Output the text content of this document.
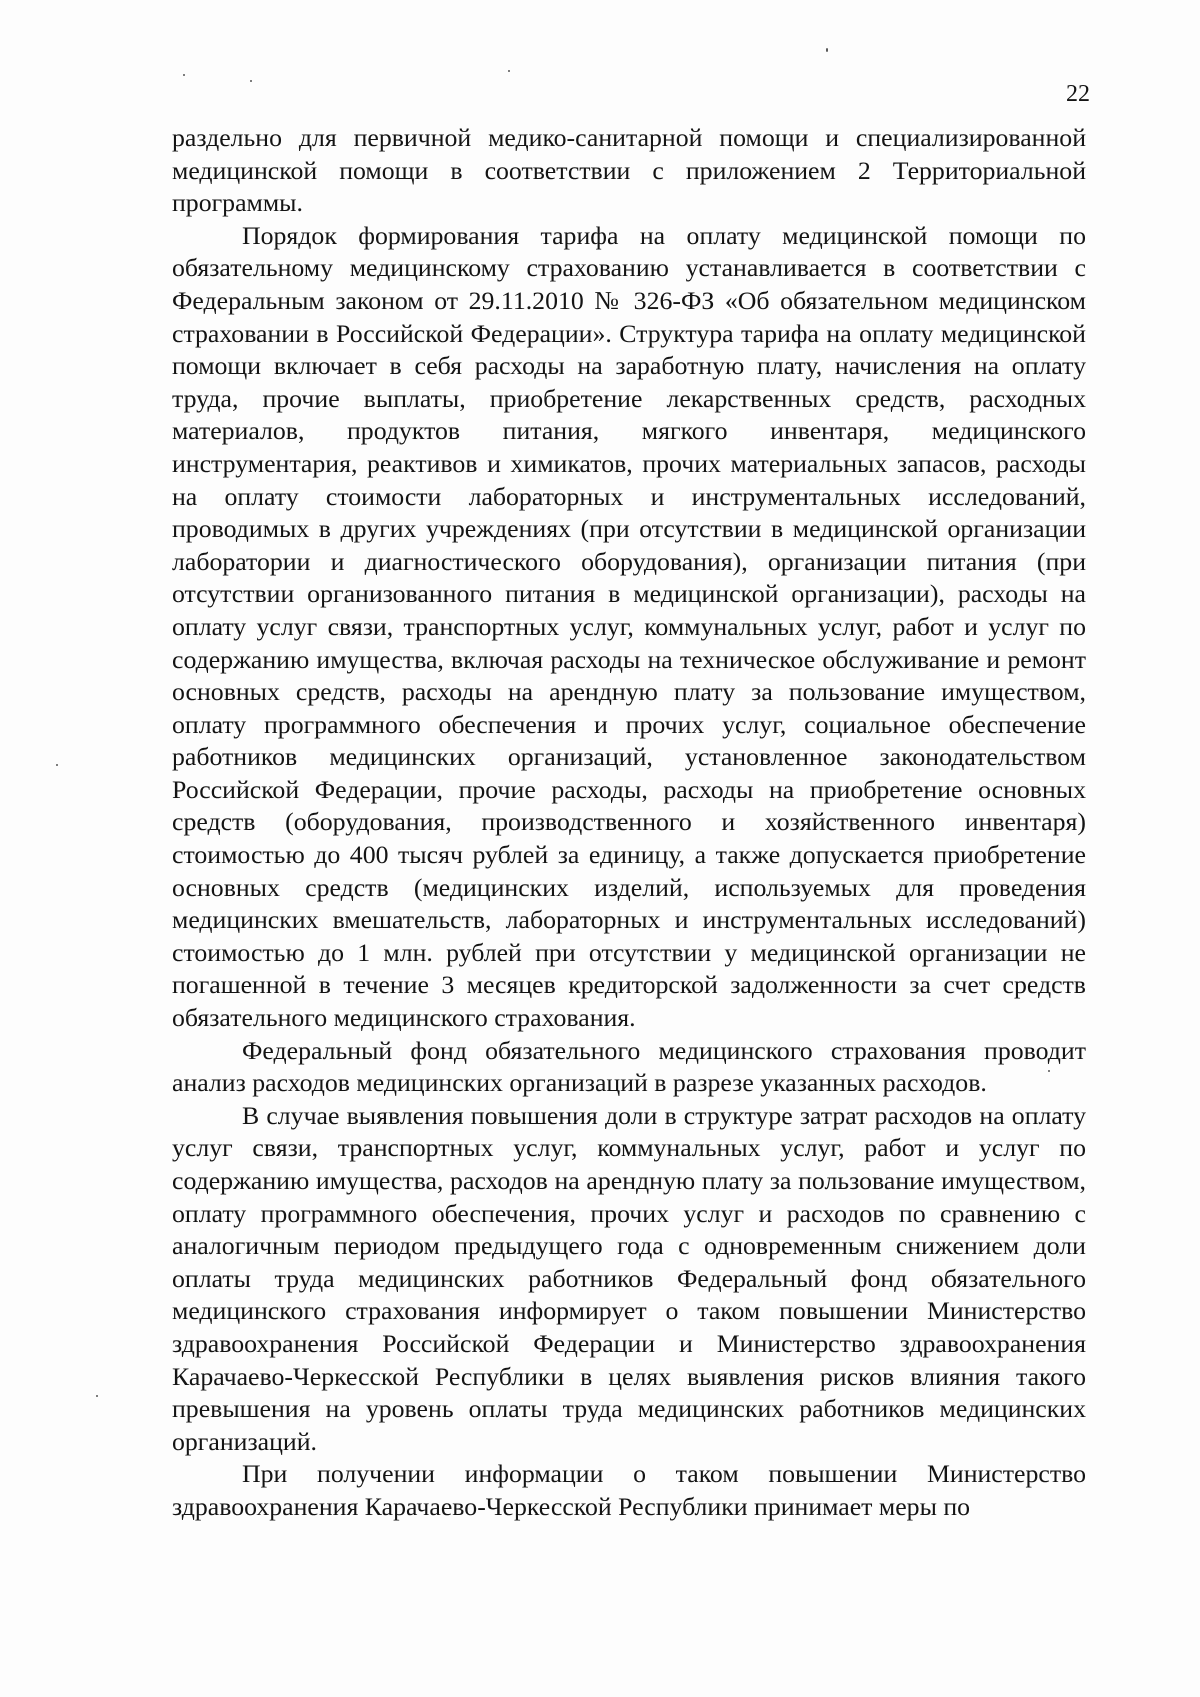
22

раздельно для первичной медико-санитарной помощи и специализированной медицинской помощи в соответствии с приложением 2 Территориальной программы.

Порядок формирования тарифа на оплату медицинской помощи по обязательному медицинскому страхованию устанавливается в соответствии с Федеральным законом от 29.11.2010 № 326-ФЗ «Об обязательном медицинском страховании в Российской Федерации». Структура тарифа на оплату медицинской помощи включает в себя расходы на заработную плату, начисления на оплату труда, прочие выплаты, приобретение лекарственных средств, расходных материалов, продуктов питания, мягкого инвентаря, медицинского инструментария, реактивов и химикатов, прочих материальных запасов, расходы на оплату стоимости лабораторных и инструментальных исследований, проводимых в других учреждениях (при отсутствии в медицинской организации лаборатории и диагностического оборудования), организации питания (при отсутствии организованного питания в медицинской организации), расходы на оплату услуг связи, транспортных услуг, коммунальных услуг, работ и услуг по содержанию имущества, включая расходы на техническое обслуживание и ремонт основных средств, расходы на арендную плату за пользование имуществом, оплату программного обеспечения и прочих услуг, социальное обеспечение работников медицинских организаций, установленное законодательством Российской Федерации, прочие расходы, расходы на приобретение основных средств (оборудования, производственного и хозяйственного инвентаря) стоимостью до 400 тысяч рублей за единицу, а также допускается приобретение основных средств (медицинских изделий, используемых для проведения медицинских вмешательств, лабораторных и инструментальных исследований) стоимостью до 1 млн. рублей при отсутствии у медицинской организации не погашенной в течение 3 месяцев кредиторской задолженности за счет средств обязательного медицинского страхования.

Федеральный фонд обязательного медицинского страхования проводит анализ расходов медицинских организаций в разрезе указанных расходов.

В случае выявления повышения доли в структуре затрат расходов на оплату услуг связи, транспортных услуг, коммунальных услуг, работ и услуг по содержанию имущества, расходов на арендную плату за пользование имуществом, оплату программного обеспечения, прочих услуг и расходов по сравнению с аналогичным периодом предыдущего года с одновременным снижением доли оплаты труда медицинских работников Федеральный фонд обязательного медицинского страхования информирует о таком повышении Министерство здравоохранения Российской Федерации и Министерство здравоохранения Карачаево-Черкесской Республики в целях выявления рисков влияния такого превышения на уровень оплаты труда медицинских работников медицинских организаций.

При получении информации о таком повышении Министерство здравоохранения Карачаево-Черкесской Республики принимает меры по
